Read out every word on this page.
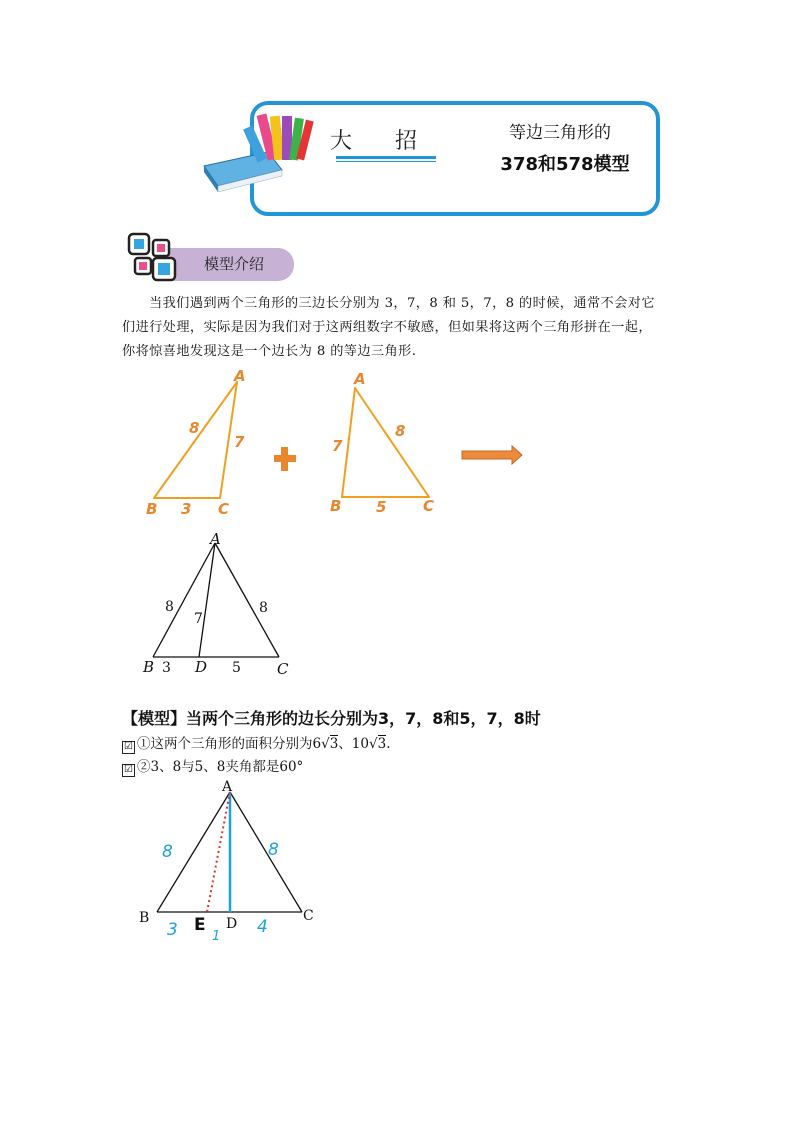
大 招	等边三角形的
378和578模型
模型介绍
当我们遇到两个三角形的三边长分别为 3，7，8 和 5，7，8 的时候，通常不会对它们进行处理，实际是因为我们对于这两组数字不敏感，但如果将这两个三角形拼在一起，你将惊喜地发现这是一个边长为 8 的等边三角形.
A
B	C
8
7
3
A
B	C
7
8
5
A
B	D	C
8
7
8
3	5
【模型】当两个三角形的边长分别为3，7，8和5，7，8时
☑ ①这两个三角形的面积分别为6√3、10√3.
☑ ②3、8与5、8夹角都是60°
A
B	D	C
E
8	8
3	4
1
